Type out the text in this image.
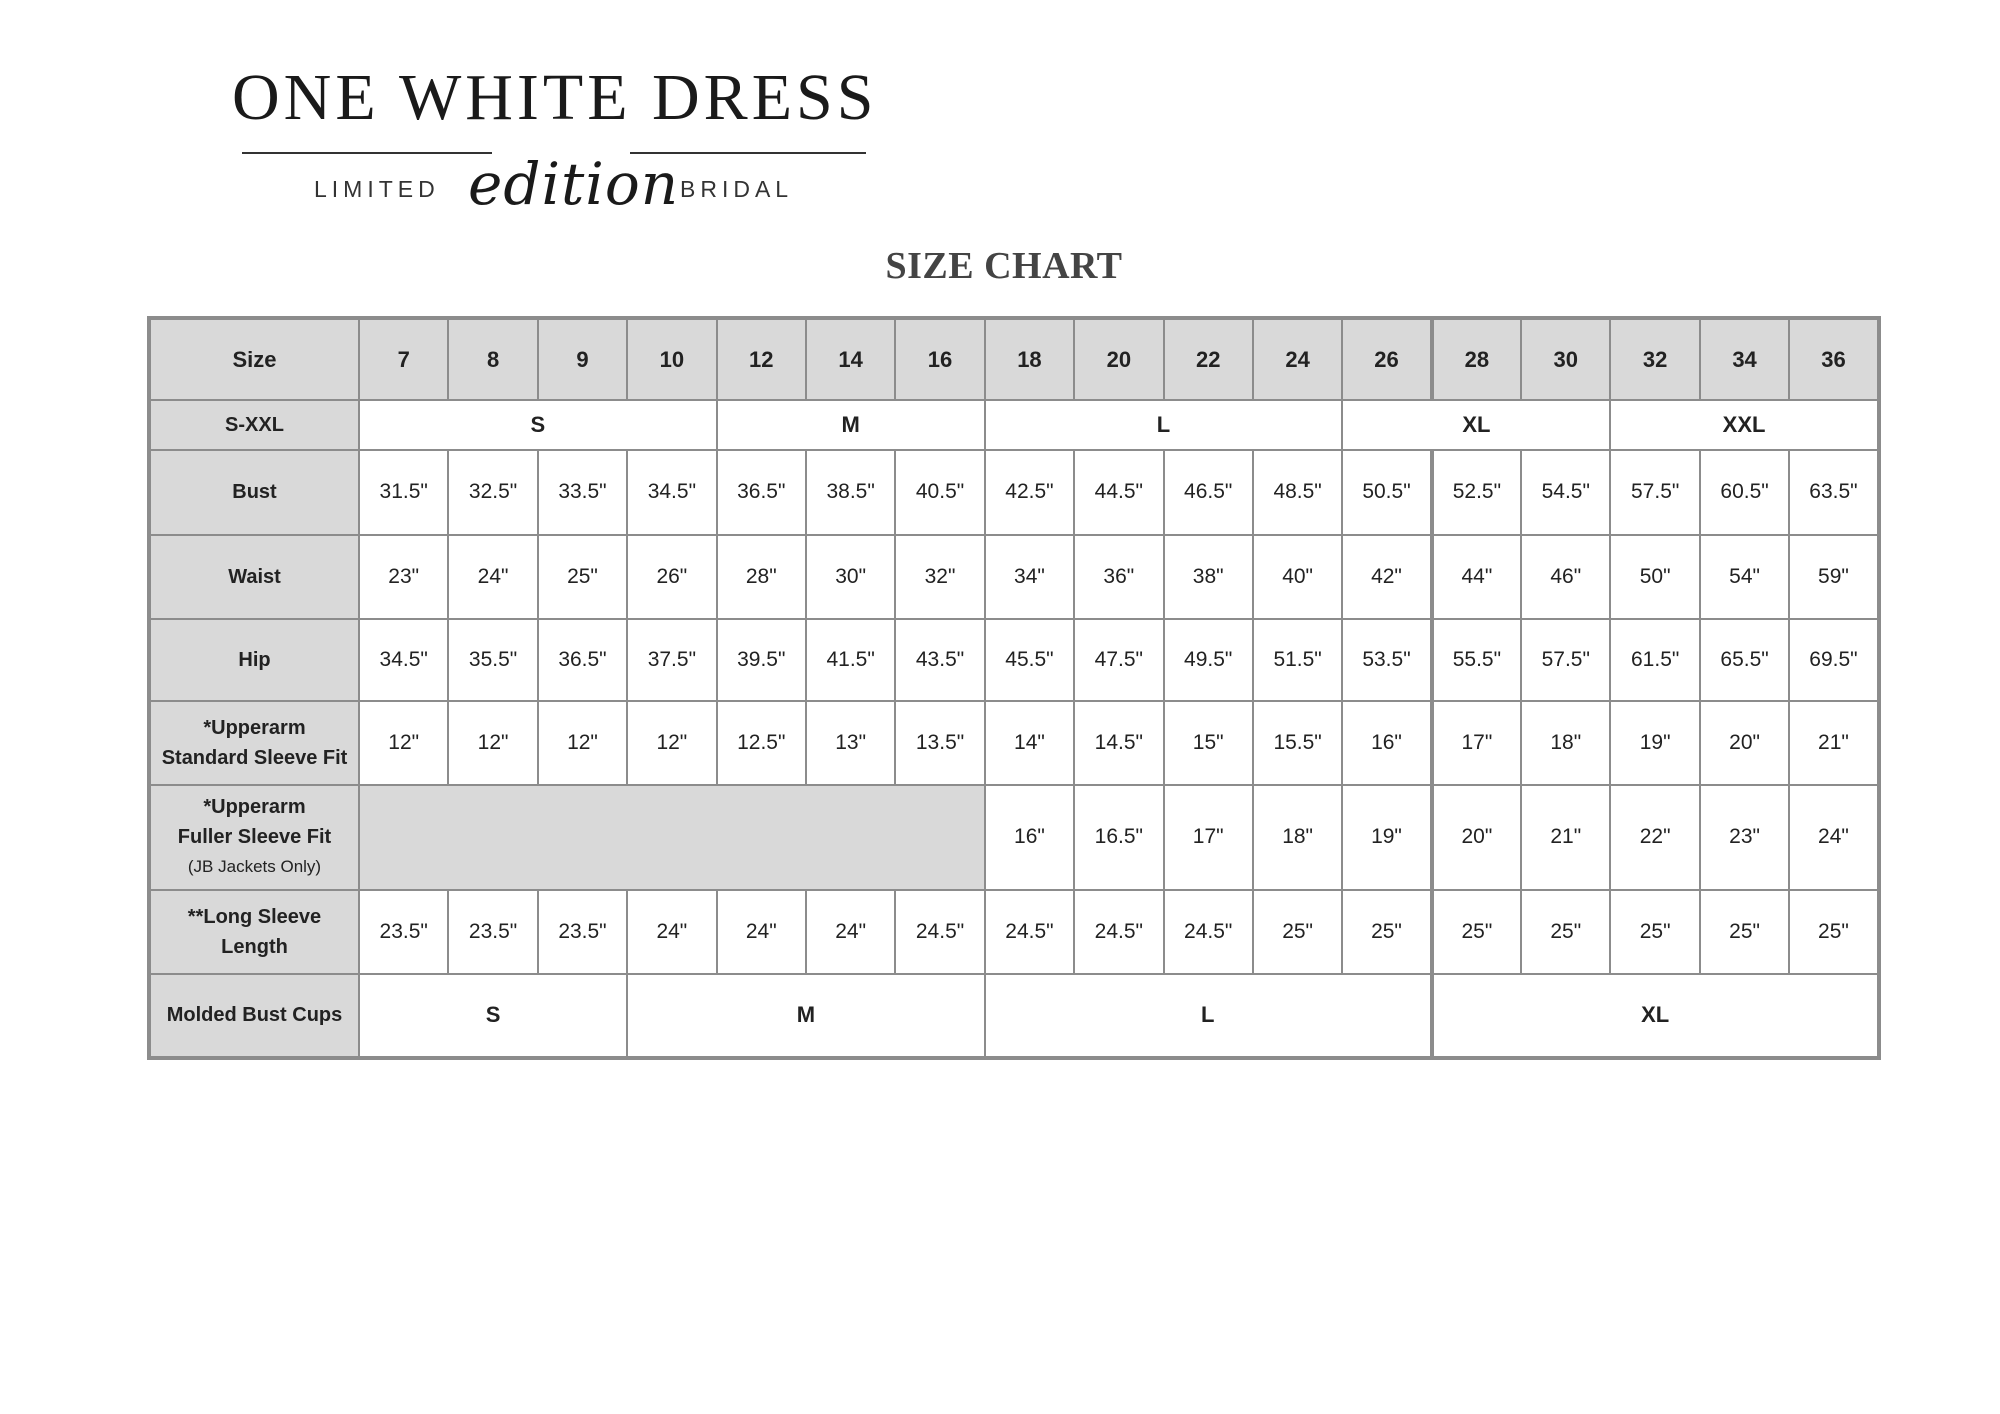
ONE WHITE DRESS
LIMITED edition BRIDAL
SIZE CHART
Size	7	8	9	10	12	14	16	18	20	22	24	26	28	30	32	34	36
S-XXL	S				M			L				XL			XXL		
Bust	31.5"	32.5"	33.5"	34.5"	36.5"	38.5"	40.5"	42.5"	44.5"	46.5"	48.5"	50.5"	52.5"	54.5"	57.5"	60.5"	63.5"
Waist	23"	24"	25"	26"	28"	30"	32"	34"	36"	38"	40"	42"	44"	46"	50"	54"	59"
Hip	34.5"	35.5"	36.5"	37.5"	39.5"	41.5"	43.5"	45.5"	47.5"	49.5"	51.5"	53.5"	55.5"	57.5"	61.5"	65.5"	69.5"

*Upperarm
Standard Sleeve Fit	12"	12"	12"	12"	12.5"	13"	13.5"	14"	14.5"	15"	15.5"	16"	17"	18"	19"	20"	21"

*Upperarm
Fuller Sleeve Fit
(JB Jackets Only)								16"	16.5"	17"	18"	19"	20"	21"	22"	23"	24"

**Long Sleeve
Length	23.5"	23.5"	23.5"	24"	24"	24"	24.5"	24.5"	24.5"	24.5"	25"	25"	25"	25"	25"	25"	25"
Molded Bust Cups	S			M				L					XL				
